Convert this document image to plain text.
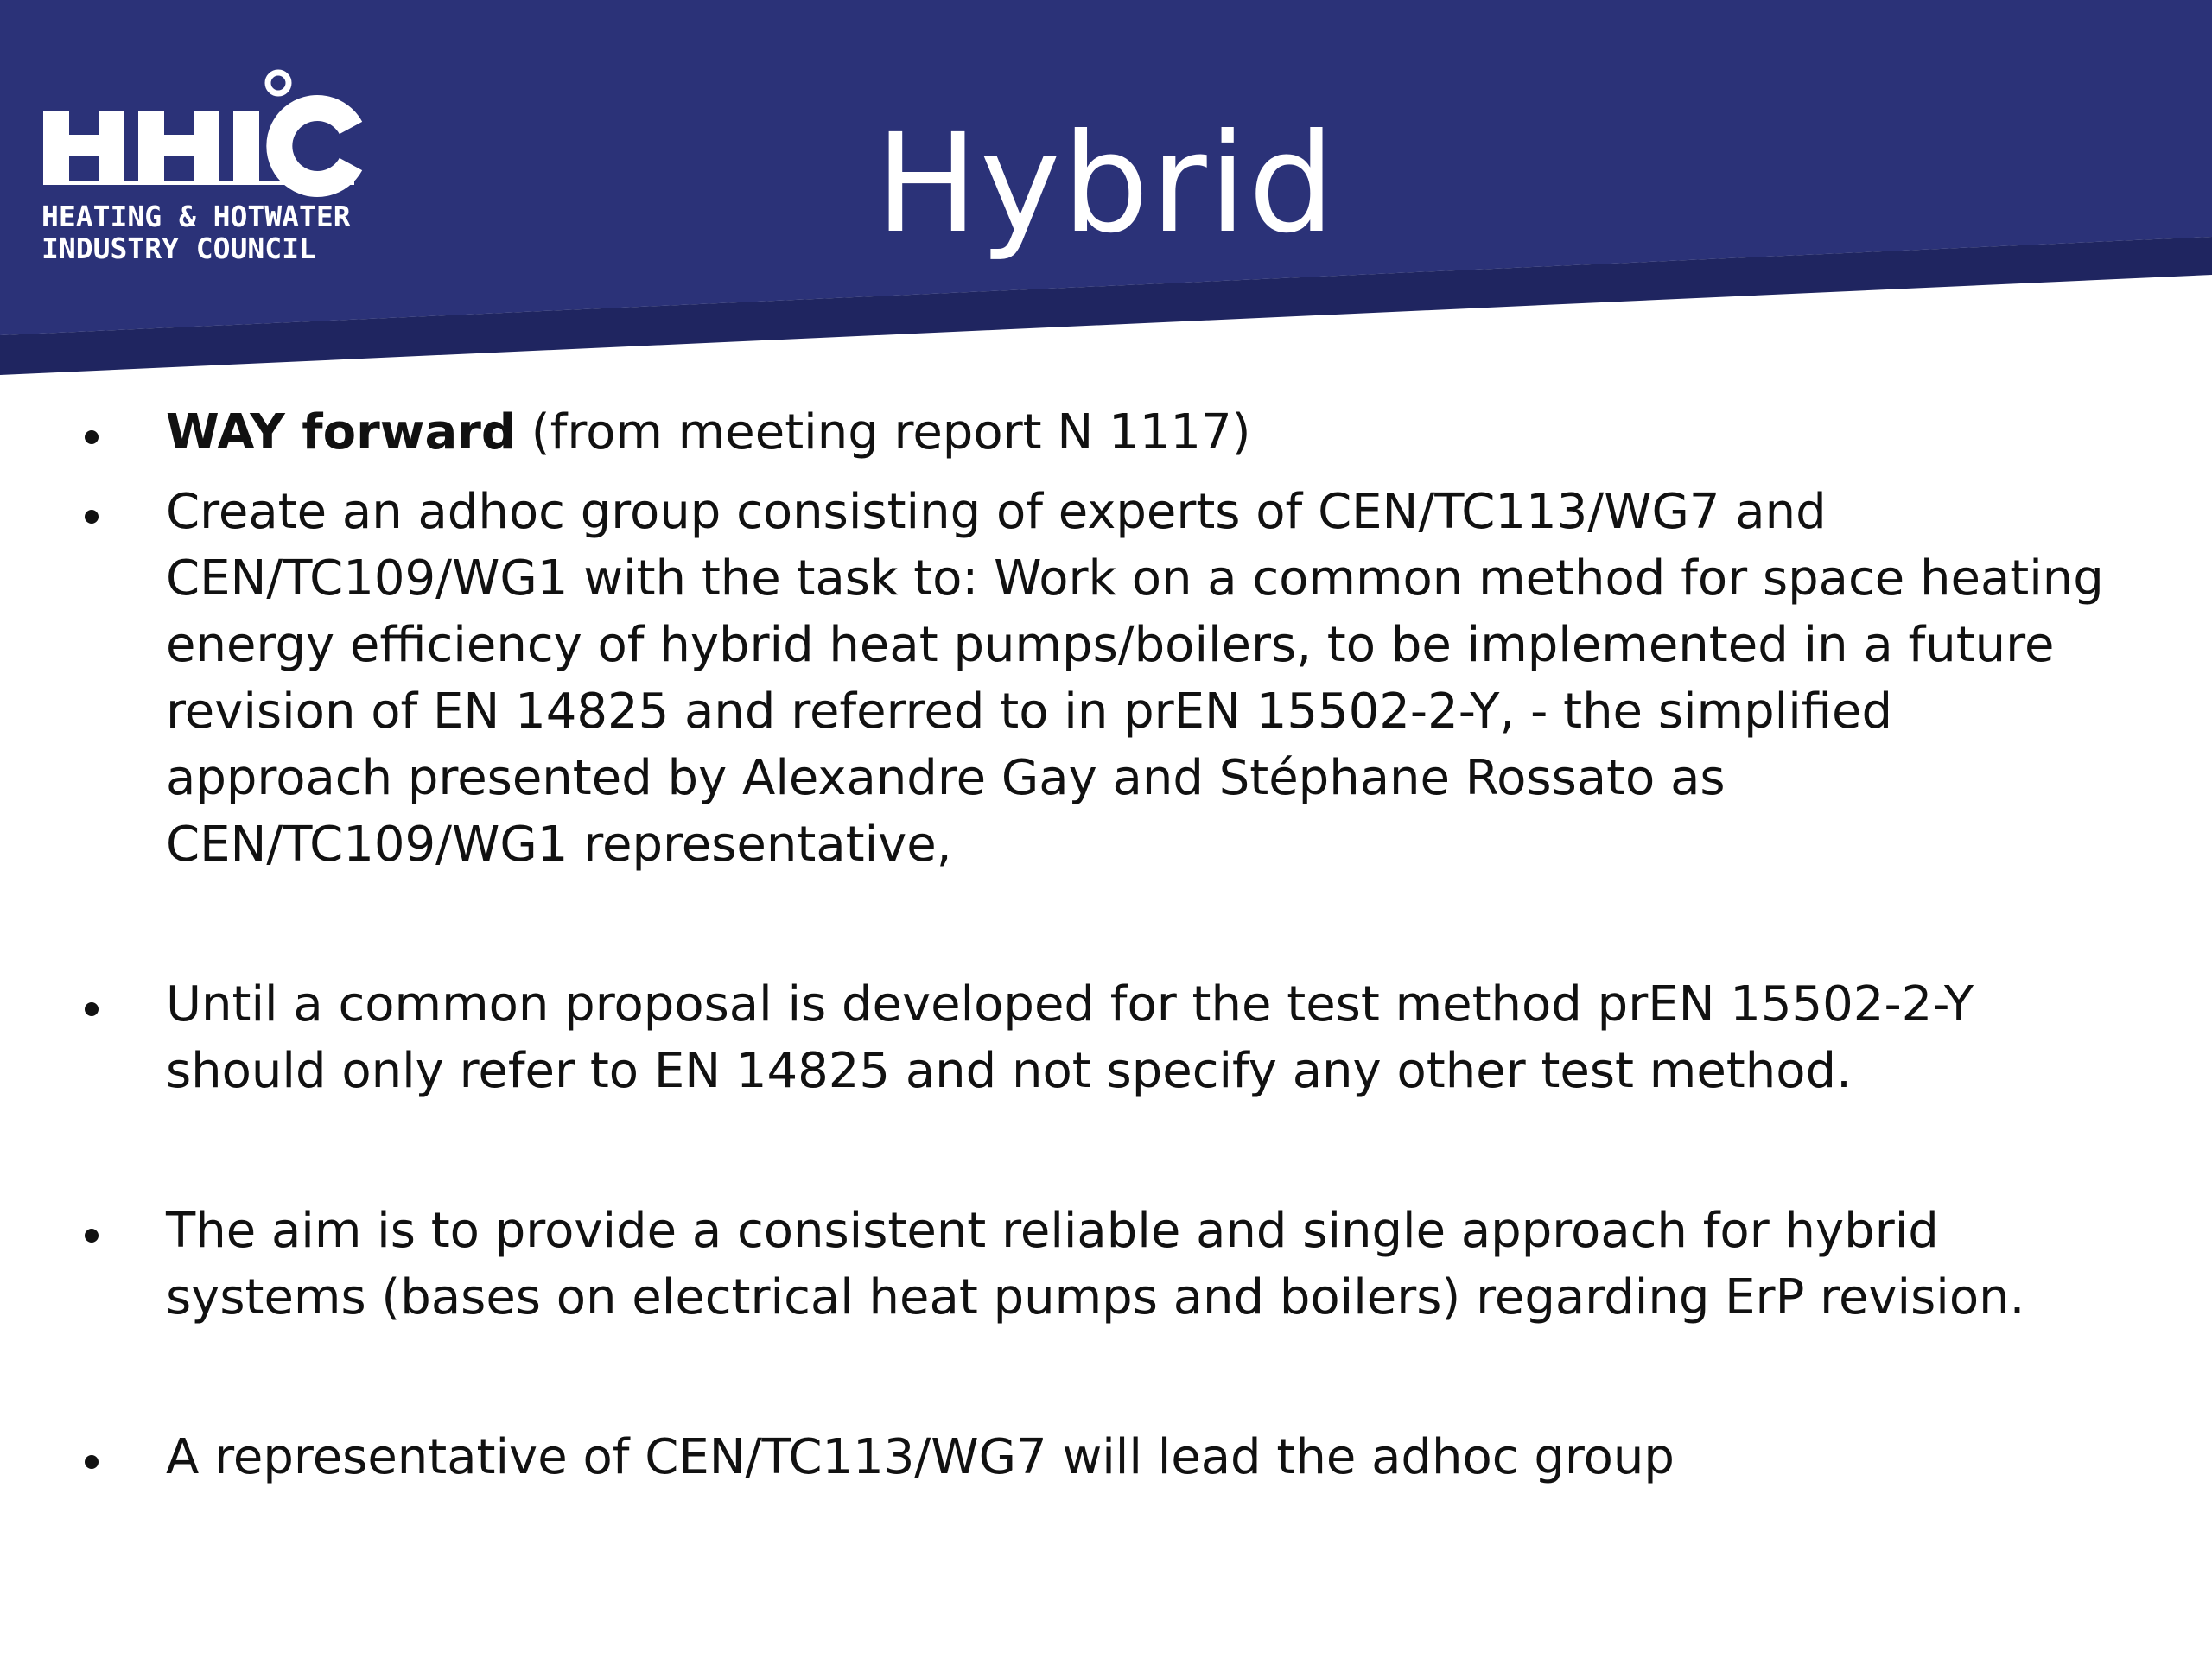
HEATING & HOTWATER
INDUSTRY COUNCIL	Hybrid
WAY forward (from meeting report N 1117)
Create an adhoc group consisting of experts of CEN/TC113/WG7 and
CEN/TC109/WG1 with the task to: Work on a common method for space heating
energy efficiency of hybrid heat pumps/boilers, to be implemented in a future
revision of EN 14825 and referred to in prEN 15502-2-Y, - the simplified
approach presented by Alexandre Gay and Stéphane Rossato as
CEN/TC109/WG1 representative,
Until a common proposal is developed for the test method prEN 15502-2-Y
should only refer to EN 14825 and not specify any other test method.
The aim is to provide a consistent reliable and single approach for hybrid
systems (bases on electrical heat pumps and boilers) regarding ErP revision.
A representative of CEN/TC113/WG7 will lead the adhoc group
